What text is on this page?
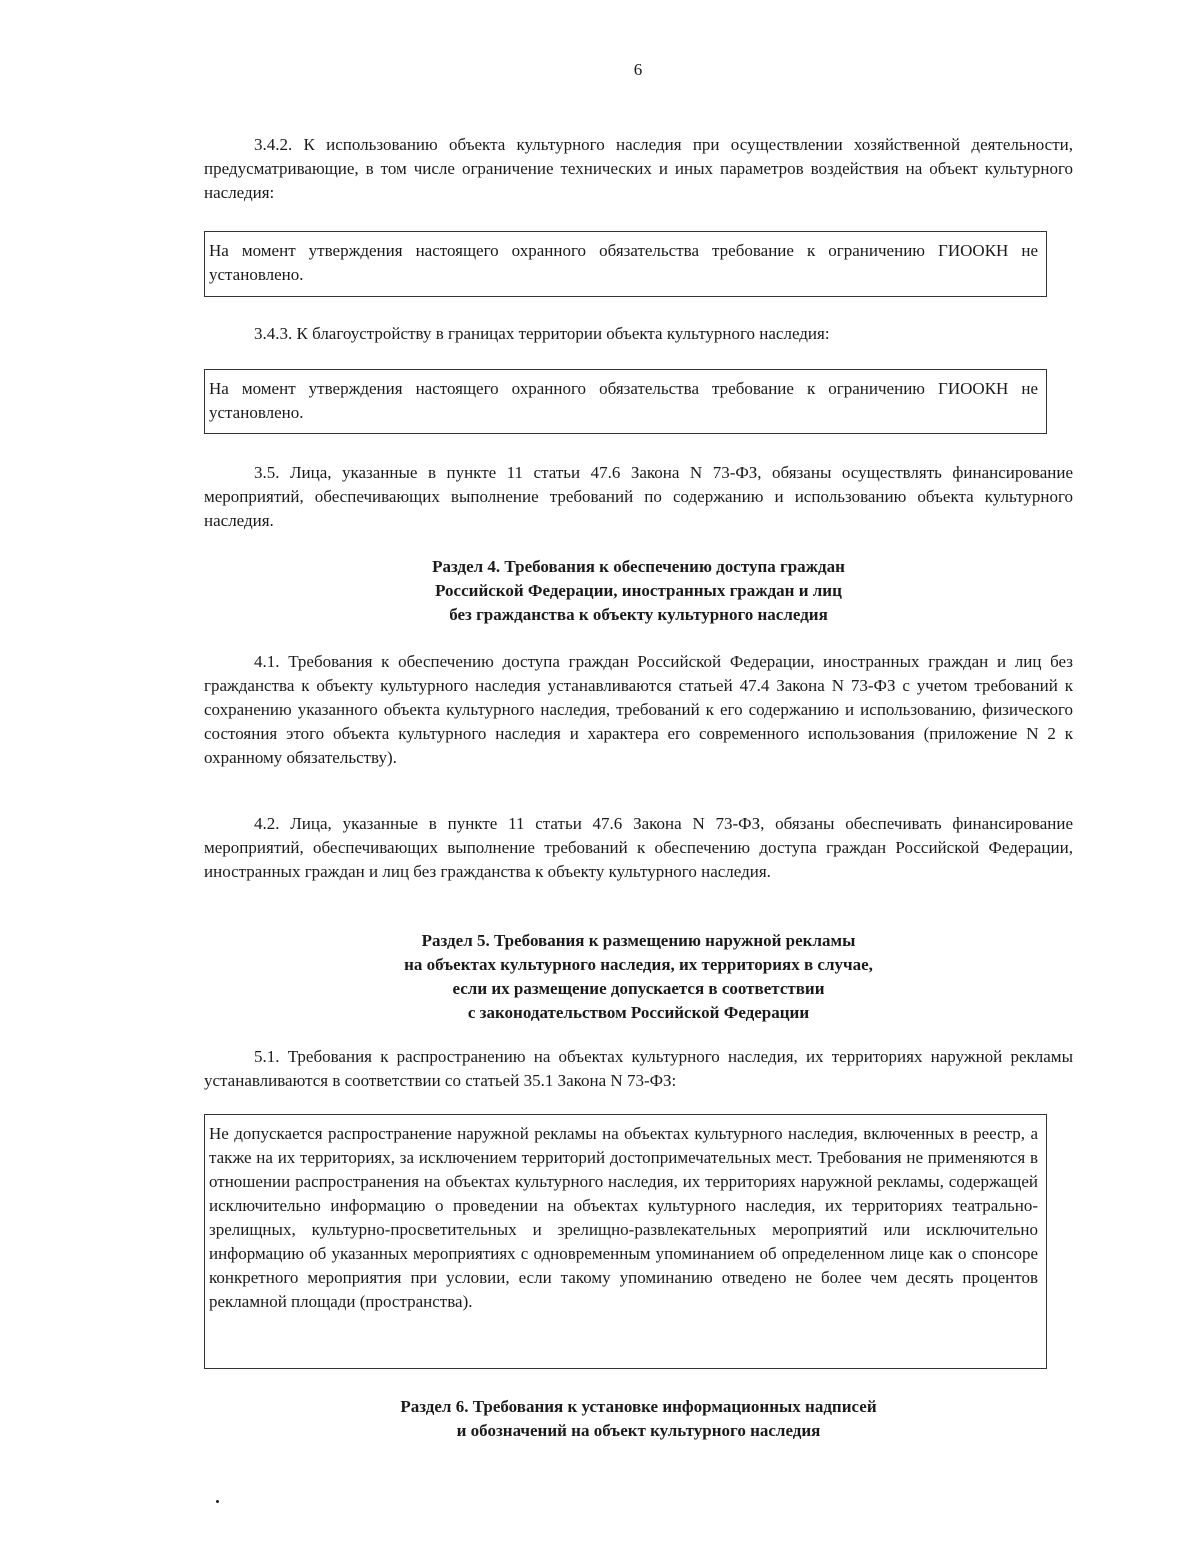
6

3.4.2. К использованию объекта культурного наследия при осуществлении хозяйственной деятельности, предусматривающие, в том числе ограничение технических и иных параметров воздействия на объект культурного наследия:

На момент утверждения настоящего охранного обязательства требование к ограничению ГИООКН не установлено.

3.4.3. К благоустройству в границах территории объекта культурного наследия:

На момент утверждения настоящего охранного обязательства требование к ограничению ГИООКН не установлено.

3.5. Лица, указанные в пункте 11 статьи 47.6 Закона N 73-ФЗ, обязаны осуществлять финансирование мероприятий, обеспечивающих выполнение требований по содержанию и использованию объекта культурного наследия.

Раздел 4. Требования к обеспечению доступа граждан
Российской Федерации, иностранных граждан и лиц
без гражданства к объекту культурного наследия

4.1. Требования к обеспечению доступа граждан Российской Федерации, иностранных граждан и лиц без гражданства к объекту культурного наследия устанавливаются статьей 47.4 Закона N 73-ФЗ с учетом требований к сохранению указанного объекта культурного наследия, требований к его содержанию и использованию, физического состояния этого объекта культурного наследия и характера его современного использования (приложение N 2 к охранному обязательству).

4.2. Лица, указанные в пункте 11 статьи 47.6 Закона N 73-ФЗ, обязаны обеспечивать финансирование мероприятий, обеспечивающих выполнение требований к обеспечению доступа граждан Российской Федерации, иностранных граждан и лиц без гражданства к объекту культурного наследия.

Раздел 5. Требования к размещению наружной рекламы
на объектах культурного наследия, их территориях в случае,
если их размещение допускается в соответствии
с законодательством Российской Федерации

5.1. Требования к распространению на объектах культурного наследия, их территориях наружной рекламы устанавливаются в соответствии со статьей 35.1 Закона N 73-ФЗ:

Не допускается распространение наружной рекламы на объектах культурного наследия, включенных в реестр, а также на их территориях, за исключением территорий достопримечательных мест. Требования не применяются в отношении распространения на объектах культурного наследия, их территориях наружной рекламы, содержащей исключительно информацию о проведении на объектах культурного наследия, их территориях театрально-зрелищных, культурно-просветительных и зрелищно-развлекательных мероприятий или исключительно информацию об указанных мероприятиях с одновременным упоминанием об определенном лице как о спонсоре конкретного мероприятия при условии, если такому упоминанию отведено не более чем десять процентов рекламной площади (пространства).

Раздел 6. Требования к установке информационных надписей
и обозначений на объект культурного наследия
